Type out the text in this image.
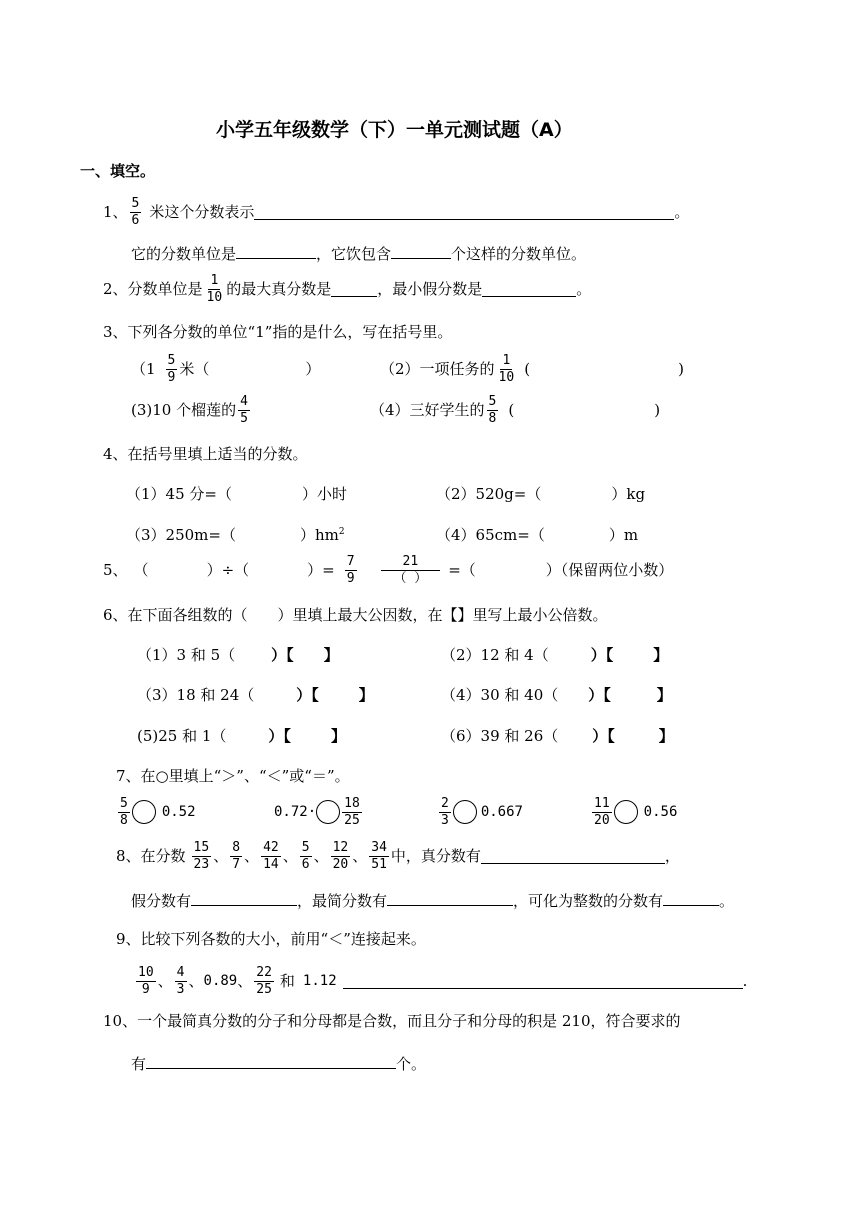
小学五年级数学（下）一单元测试题（A）
一、填空。
1、 $\frac{5}{6}$ 米这个分数表示	。
它的分数单位是	，它饮包含	个这样的分数单位。
2、分数单位是 $\frac{1}{10}$ 的最大真分数是	，最小假分数是	。
3、下列各分数的单位“1”指的是什么，写在括号里。
（$1 \frac{5}{9}$ 米（	）	（2）一项任务的 $\frac{1}{10}$ (	)
(3)10 个榴莲的 $\frac{4}{5}$	（4）三好学生的 $\frac{5}{8}$ (	)
4、在括号里填上适当的分数。
（1）45 分=（	）小时	（2）520g=（	）kg
（3）250m=（	）$hm^2$	（4）65cm=（	）m
5、 （	）÷（	）= $\frac{7}{9} \frac{21}{( )}$ =（	）（保留两位小数）
6、在下面各组数的（　　）里填上最大公因数，在【】里写上最小公倍数。
（1）3 和 5（ ）【 】	（2）12 和 4（	）【	】
（3）18 和 24（	）【	】	（4）30 和 40（ ）【	】
(5)25 和 1（	）【	】	（6）39 和 26（ ）【	】
7、在○里填上“＞”、“＜”或“＝”。
$\frac{5}{8} 0.52$	$0.72\cdot \frac{18}{25}$	$\frac{2}{3} 0.667$	$\frac{11}{20} 0.56$
8、在分数 $\frac{15}{23}$ 、 $\frac{8}{7}$ 、 $\frac{42}{14}$ 、 $\frac{5}{6}$ 、 $\frac{12}{20}$ 、 $\frac{34}{51}$ 中，真分数有	，
假分数有	，最简分数有	，可化为整数的分数有	。
9、比较下列各数的大小，前用“＜”连接起来。
$\frac{10}{9}$ 、 $\frac{4}{3}$ 、 0.89 、 $\frac{22}{25}$ 和 1.12	.
10、一个最简真分数的分子和分母都是合数，而且分子和分母的积是 210，符合要求的
有	个。
